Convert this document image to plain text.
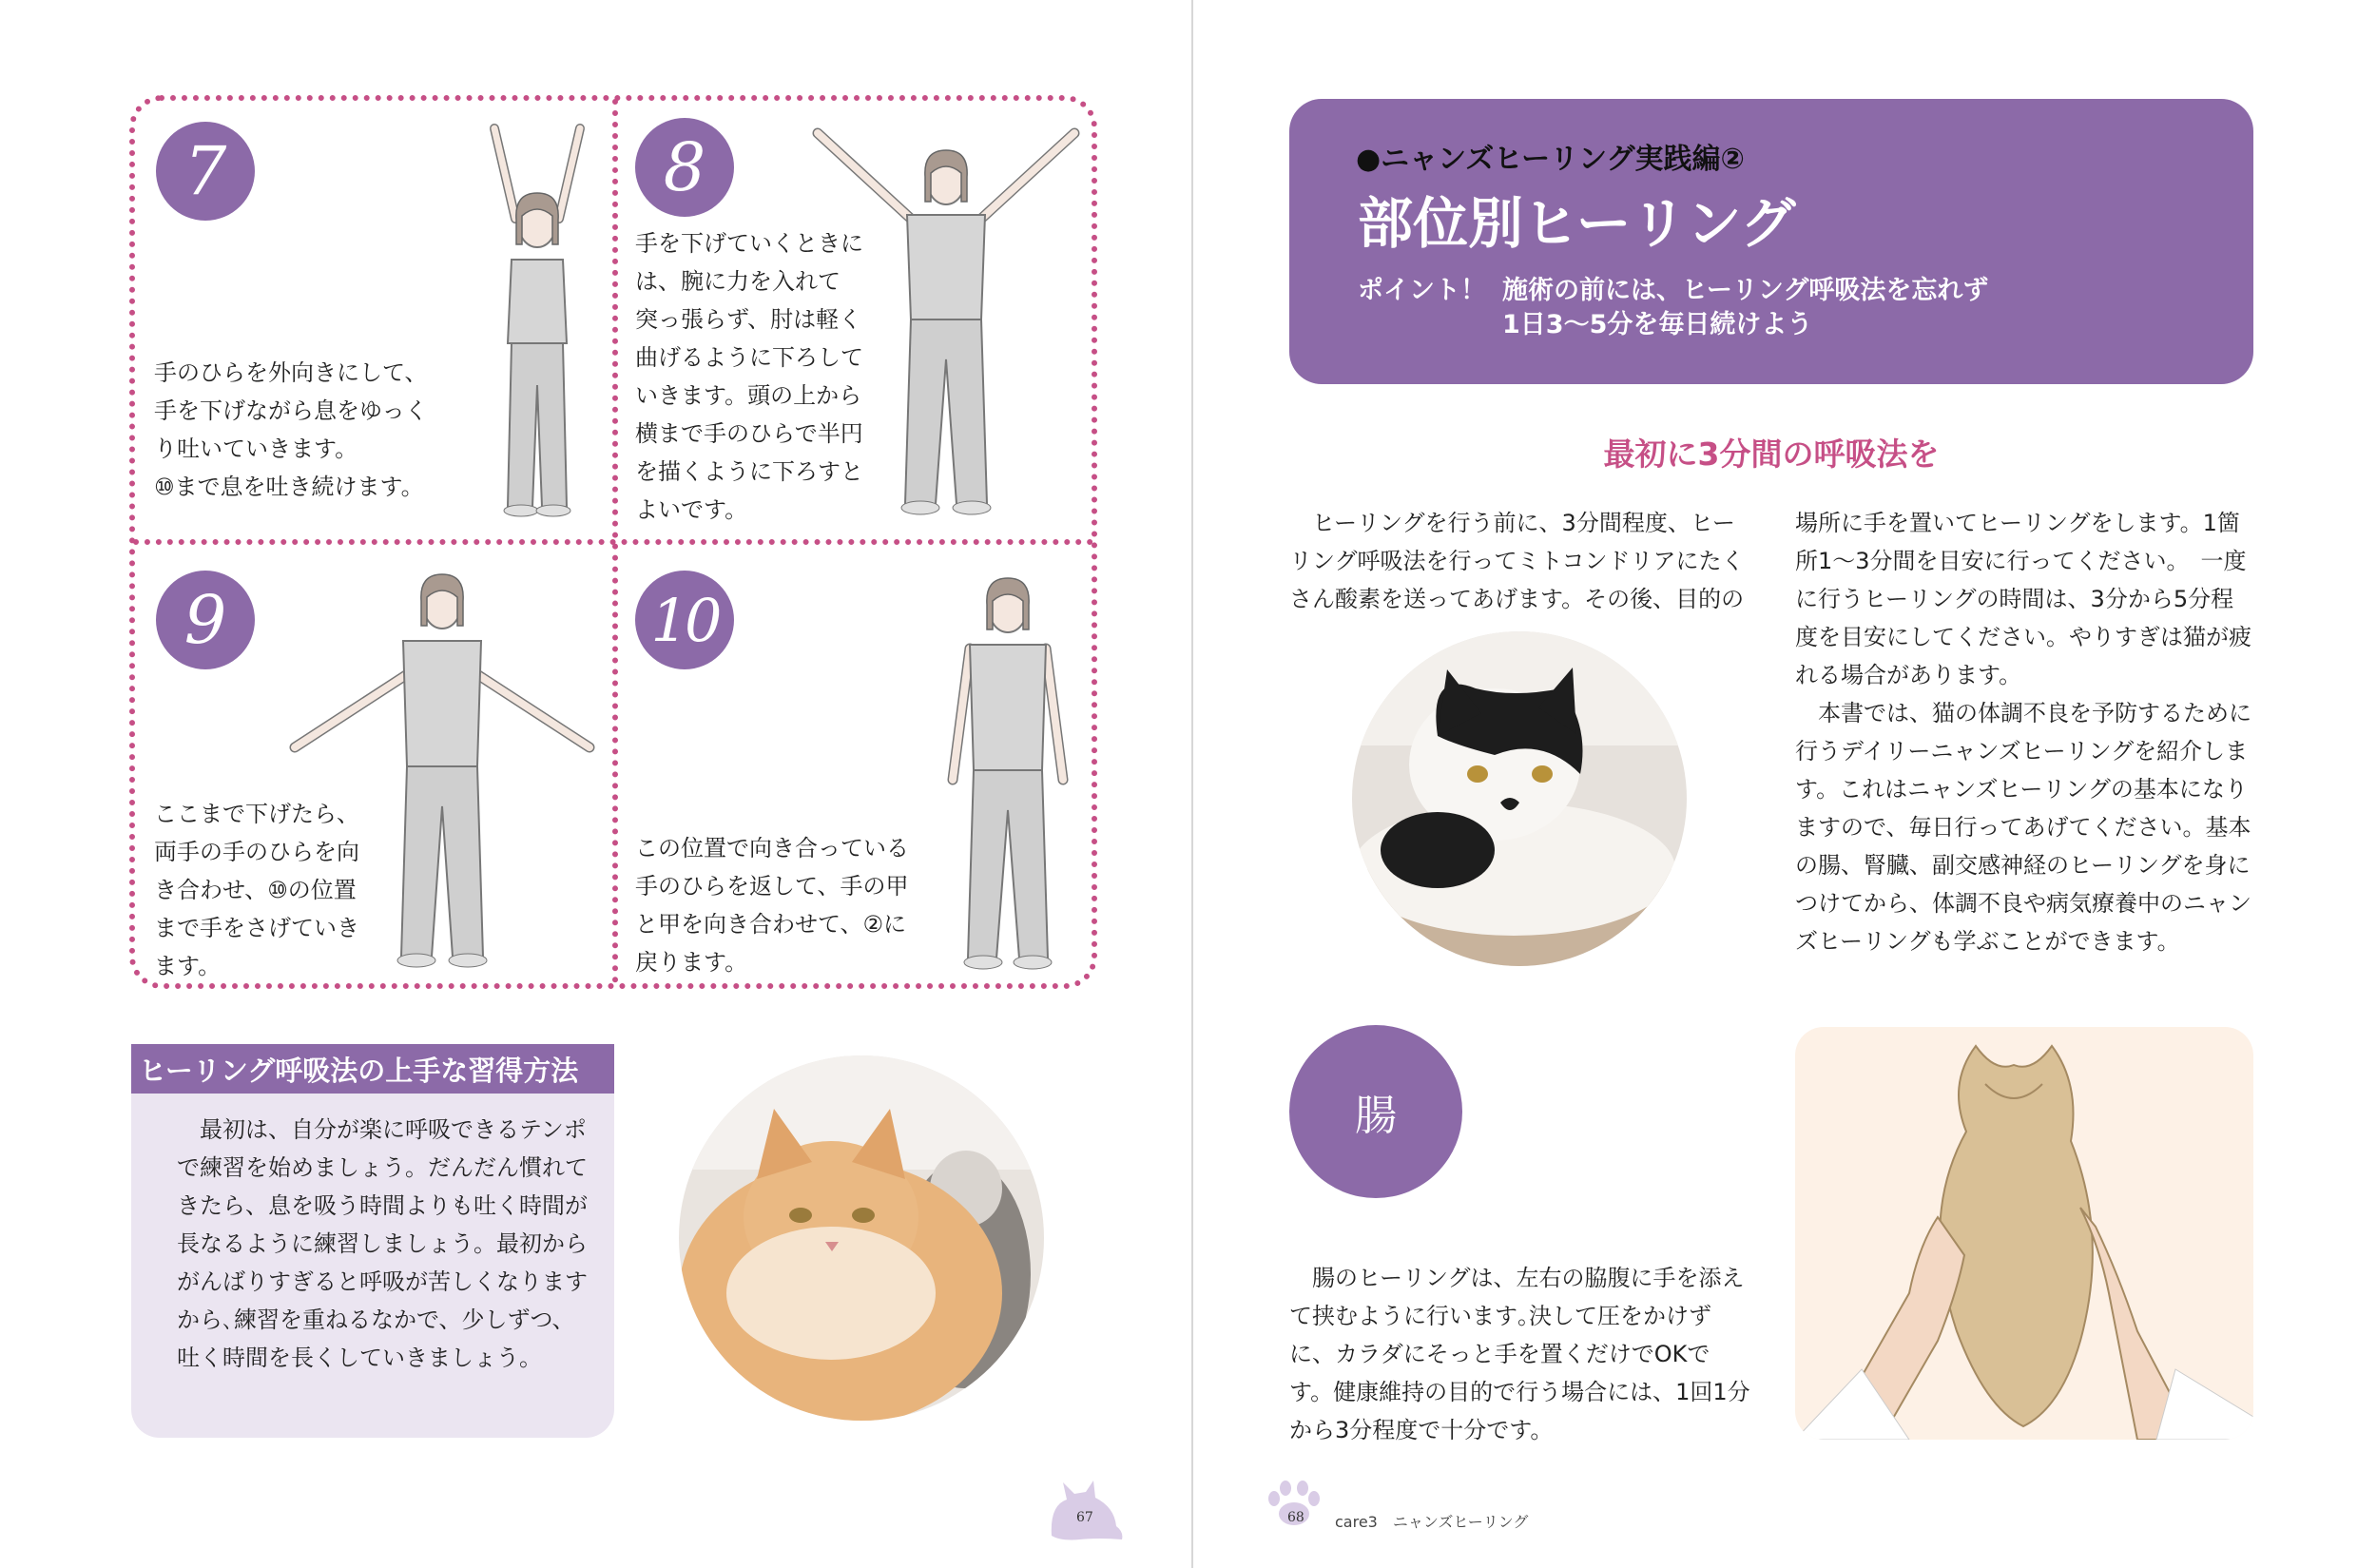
7
手のひらを外向きにして、
手を下げながら息をゆっく
り吐いていきます。
⑩まで息を吐き続けます。
8
手を下げていくときに
は、腕に力を入れて
突っ張らず、肘は軽く
曲げるように下ろして
いきます。頭の上から
横まで手のひらで半円
を描くように下ろすと
よいです。
9
ここまで下げたら、
両手の手のひらを向
き合わせ、⑩の位置
まで手をさげていき
ます。
10
この位置で向き合っている
手のひらを返して、手の甲
と甲を向き合わせて、②に
戻ります。
ヒーリング呼吸法の上手な習得方法
最初は、自分が楽に呼吸できるテンポで練習を始めましょう。だんだん慣れてきたら、息を吸う時間よりも吐く時間が長なるように練習しましょう。最初からがんばりすぎると呼吸が苦しくなりますから､練習を重ねるなかで、少しずつ、吐く時間を長くしていきましょう。
67
●ニャンズヒーリング実践編②
部位別ヒーリング
ポイント！ 施術の前には、ヒーリング呼吸法を忘れず
1日3～5分を毎日続けよう
最初に3分間の呼吸法を

ヒーリングを行う前に、3分間程度、ヒーリング呼吸法を行ってミトコンドリアにたくさん酸素を送ってあげます。その後、目的の

場所に手を置いてヒーリングをします。1箇所1～3分間を目安に行ってください。　一度に行うヒーリングの時間は、3分から5分程度を目安にしてください。やりすぎは猫が疲れる場合があります。

本書では、猫の体調不良を予防するために行うデイリーニャンズヒーリングを紹介します。これはニャンズヒーリングの基本になりますので、毎日行ってあげてください。基本の腸、腎臓、副交感神経のヒーリングを身につけてから、体調不良や病気療養中のニャンズヒーリングも学ぶことができます。

腸

腸のヒーリングは、左右の脇腹に手を添えて挟むように行います｡決して圧をかけずに、カラダにそっと手を置くだけでOKです。健康維持の目的で行う場合には、1回1分から3分程度で十分です。

68 care3　ニャンズヒーリング
